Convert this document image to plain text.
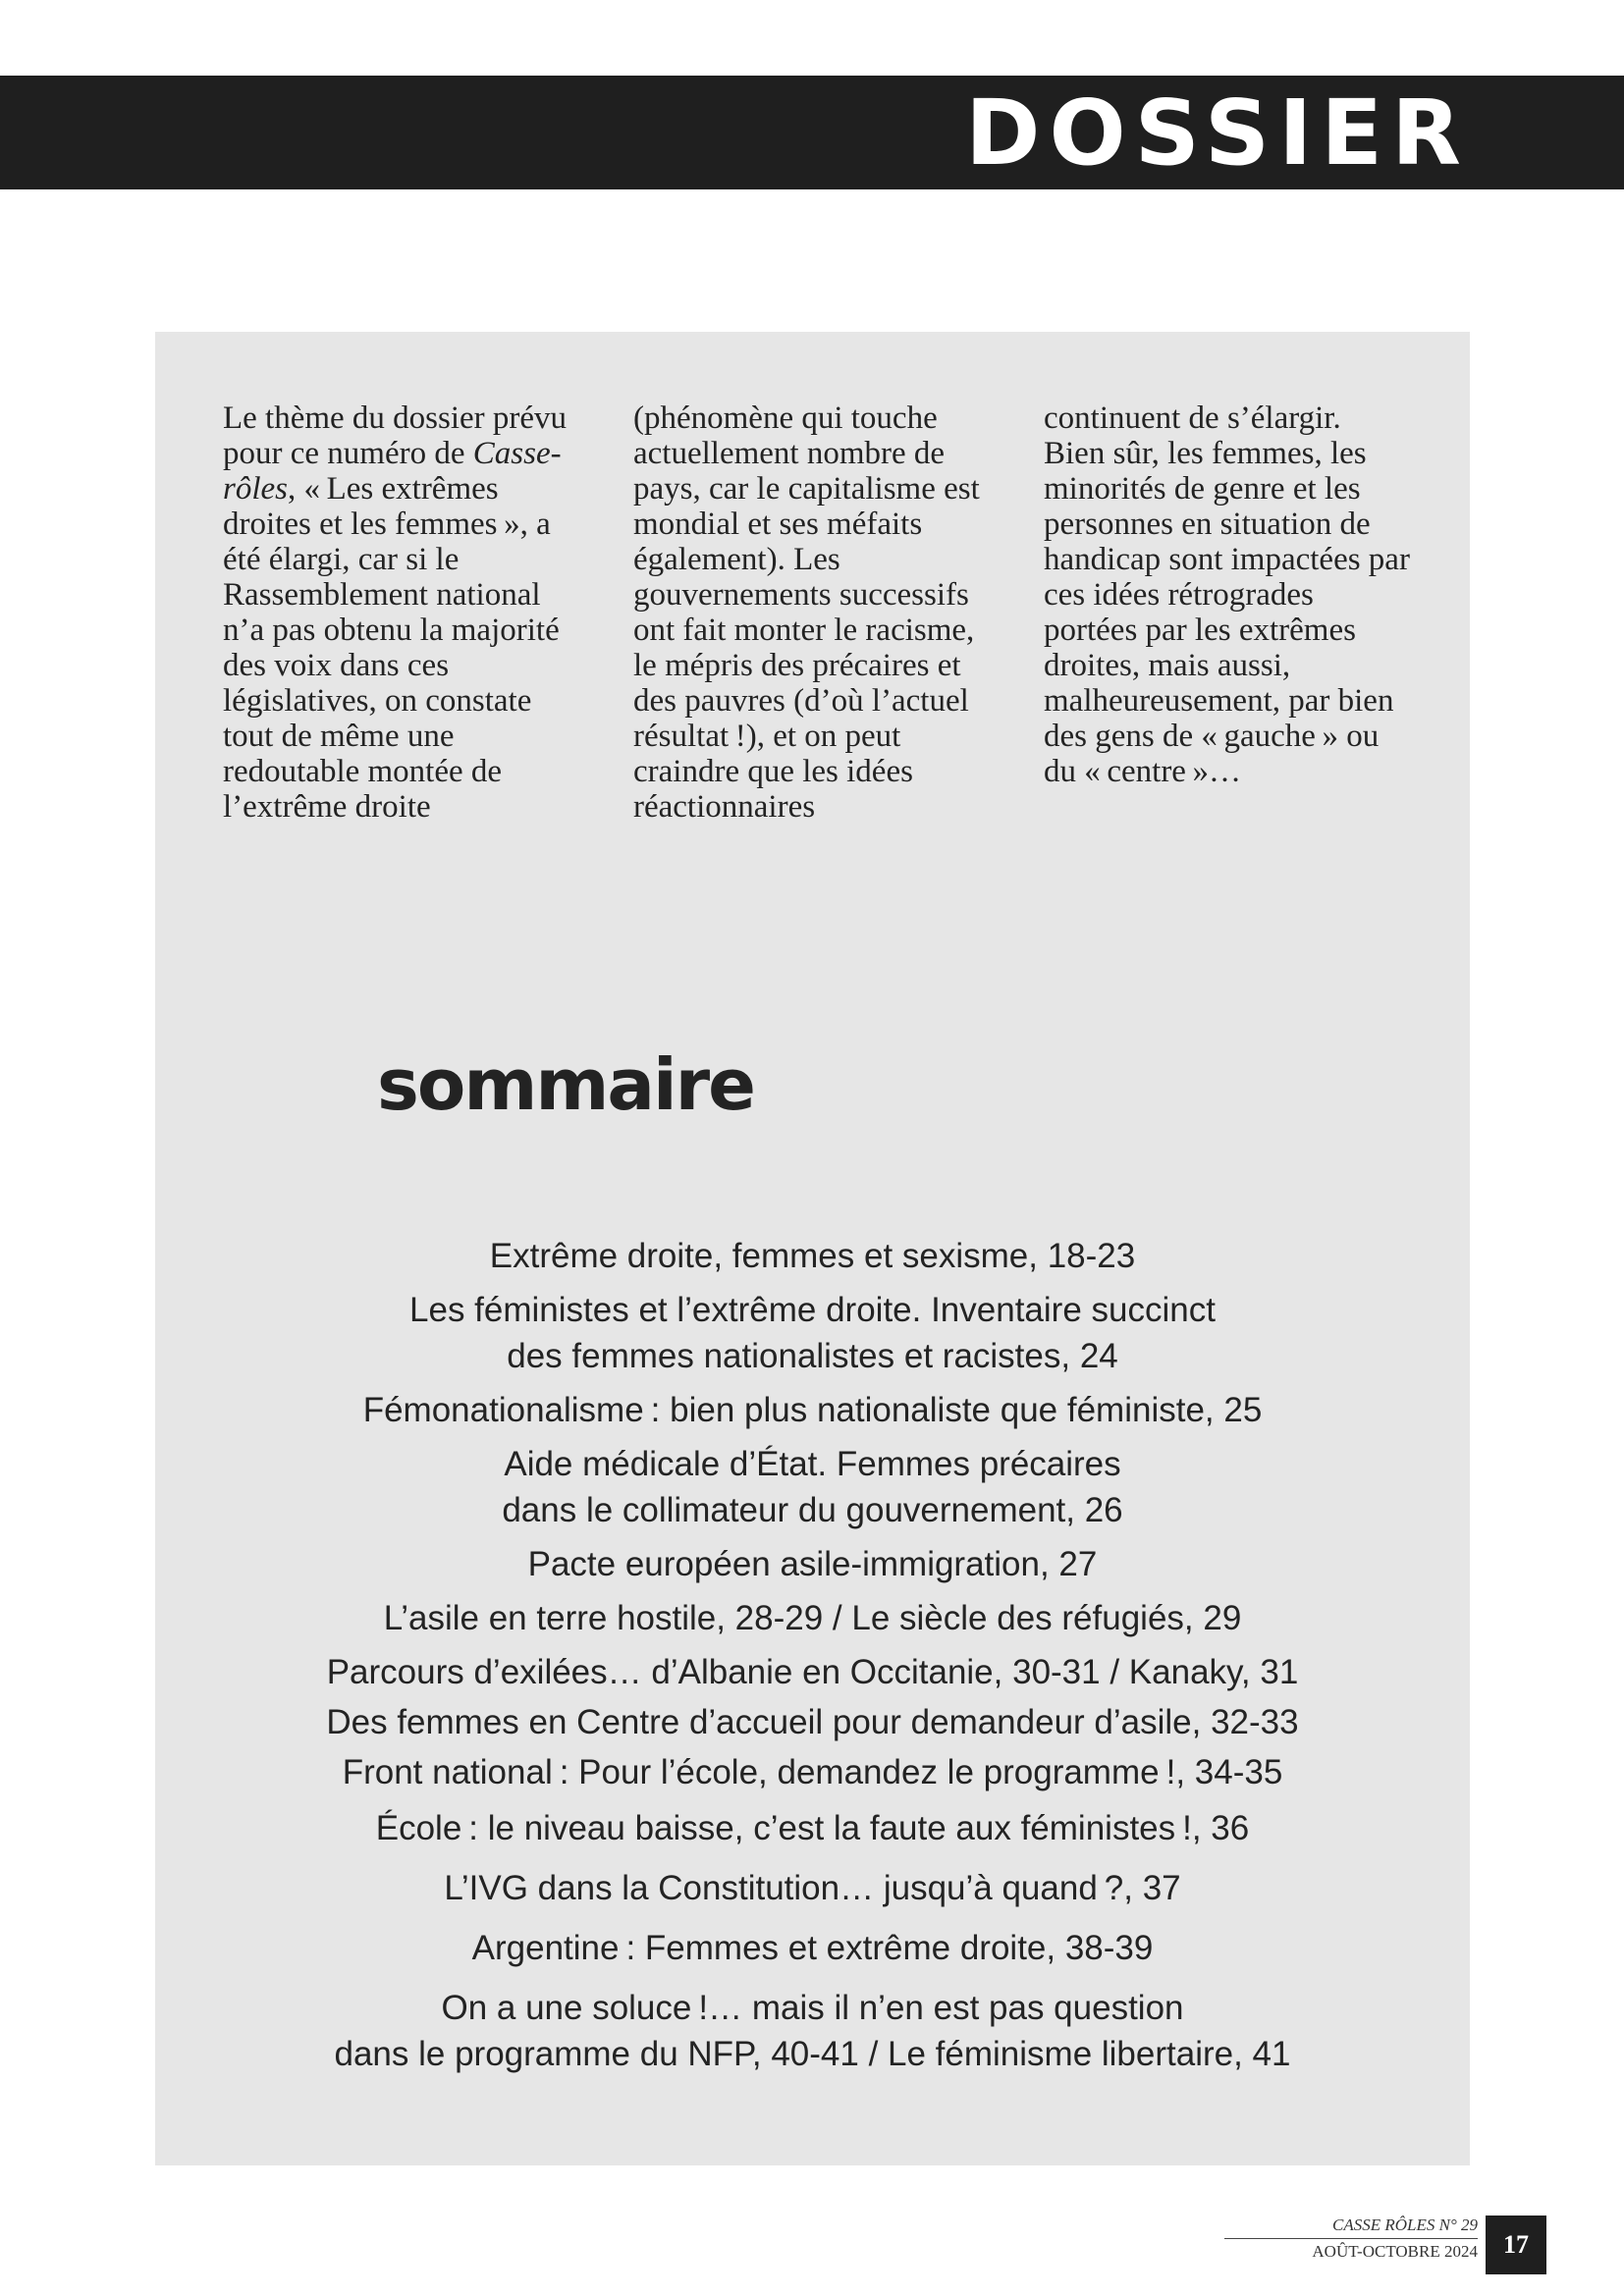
DOSSIER

Le thème du dossier prévu pour ce numéro de Casse-rôles, « Les extrêmes droites et les femmes », a été élargi, car si le Rassemblement national n’a pas obtenu la majorité des voix dans ces législatives, on constate tout de même une redoutable montée de l’extrême droite

(phénomène qui touche actuellement nombre de pays, car le capitalisme est mondial et ses méfaits également). Les gouvernements successifs ont fait monter le racisme, le mépris des précaires et des pauvres (d’où l’actuel résultat !), et on peut craindre que les idées réactionnaires

continuent de s’élargir. Bien sûr, les femmes, les minorités de genre et les personnes en situation de handicap sont impactées par ces idées rétrogrades portées par les extrêmes droites, mais aussi, malheureusement, par bien des gens de « gauche » ou du « centre »…

sommaire
Extrême droite, femmes et sexisme, 18-23
Les féministes et l’extrême droite. Inventaire succinct
des femmes nationalistes et racistes, 24
Fémonationalisme : bien plus nationaliste que féministe, 25
Aide médicale d’État. Femmes précaires
dans le collimateur du gouvernement, 26
Pacte européen asile-immigration, 27
L’asile en terre hostile, 28-29 / Le siècle des réfugiés, 29
Parcours d’exilées… d’Albanie en Occitanie, 30-31 / Kanaky, 31
Des femmes en Centre d’accueil pour demandeur d’asile, 32-33
Front national : Pour l’école, demandez le programme !, 34-35
École : le niveau baisse, c’est la faute aux féministes !, 36
L’IVG dans la Constitution… jusqu’à quand ?, 37
Argentine : Femmes et extrême droite, 38-39
On a une soluce !… mais il n’en est pas question
dans le programme du NFP, 40-41 / Le féminisme libertaire, 41
CASSE RÔLES N° 29
AOÛT-OCTOBRE 2024	17
